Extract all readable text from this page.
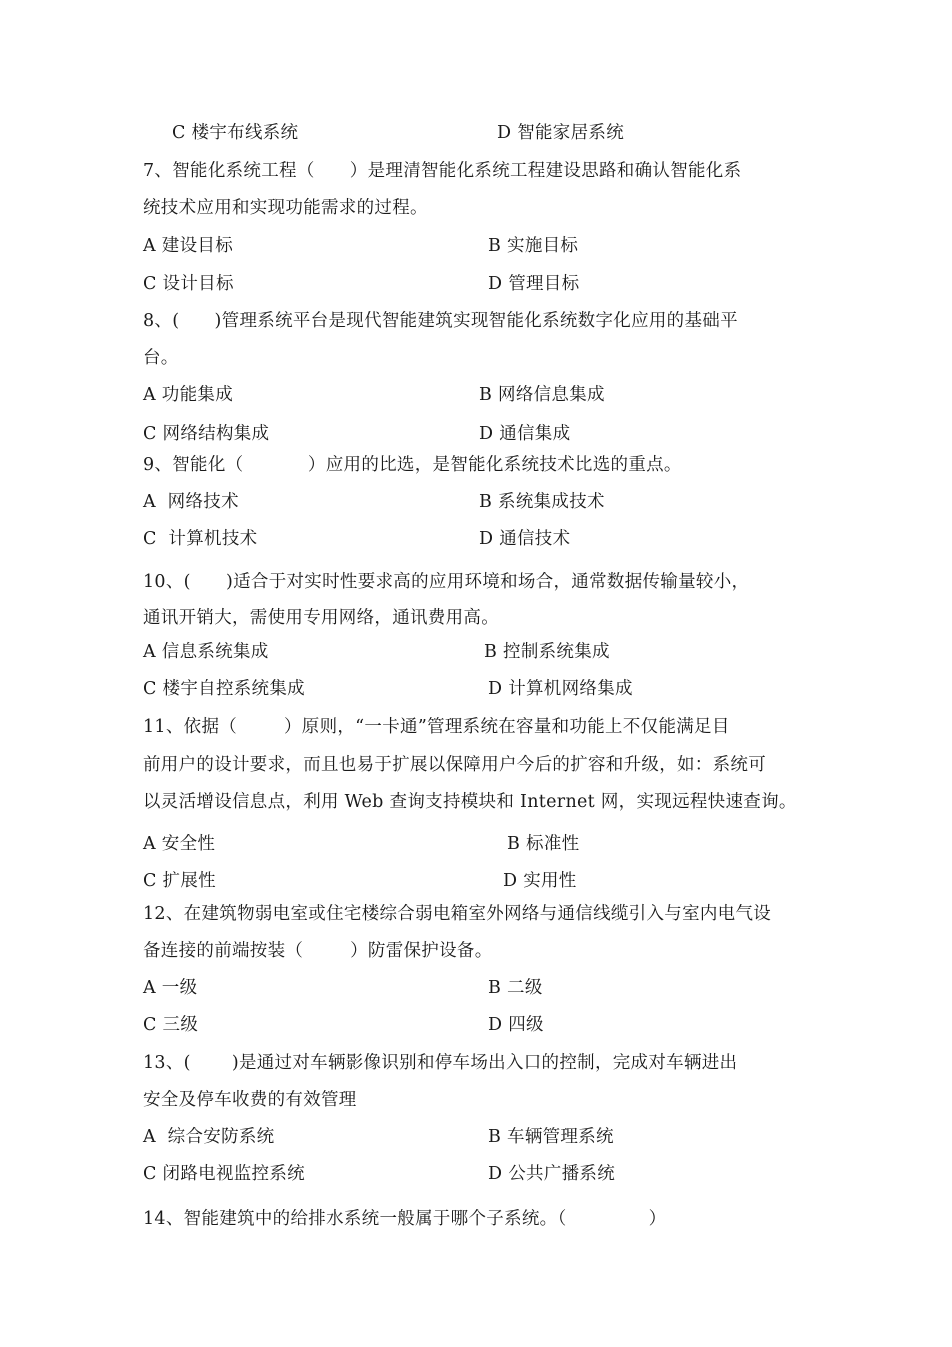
C 楼宇布线系统	D 智能家居系统
7、智能化系统工程（      ）是理清智能化系统工程建设思路和确认智能化系
统技术应用和实现功能需求的过程。
A 建设目标	B 实施目标
C 设计目标	D 管理目标
8、(      )管理系统平台是现代智能建筑实现智能化系统数字化应用的基础平
台。
A 功能集成	B 网络信息集成
C 网络结构集成	D 通信集成
9、智能化（           ）应用的比选，是智能化系统技术比选的重点。
A  网络技术	B 系统集成技术
C  计算机技术	D 通信技术
10、(      )适合于对实时性要求高的应用环境和场合，通常数据传输量较小，
通讯开销大，需使用专用网络，通讯费用高。
A 信息系统集成	B 控制系统集成
C 楼宇自控系统集成	D 计算机网络集成
11、依据（        ）原则，“一卡通”管理系统在容量和功能上不仅能满足目
前用户的设计要求，而且也易于扩展以保障用户今后的扩容和升级，如：系统可
以灵活增设信息点，利用 Web 查询支持模块和 Internet 网，实现远程快速查询。
A 安全性	B 标准性
C 扩展性	D 实用性
12、在建筑物弱电室或住宅楼综合弱电箱室外网络与通信线缆引入与室内电气设
备连接的前端按装（        ）防雷保护设备。
A 一级	B 二级
C 三级	D 四级
13、(       )是通过对车辆影像识别和停车场出入口的控制，完成对车辆进出
安全及停车收费的有效管理
A  综合安防系统	B 车辆管理系统
C 闭路电视监控系统	D 公共广播系统
14、智能建筑中的给排水系统一般属于哪个子系统。（              ）
